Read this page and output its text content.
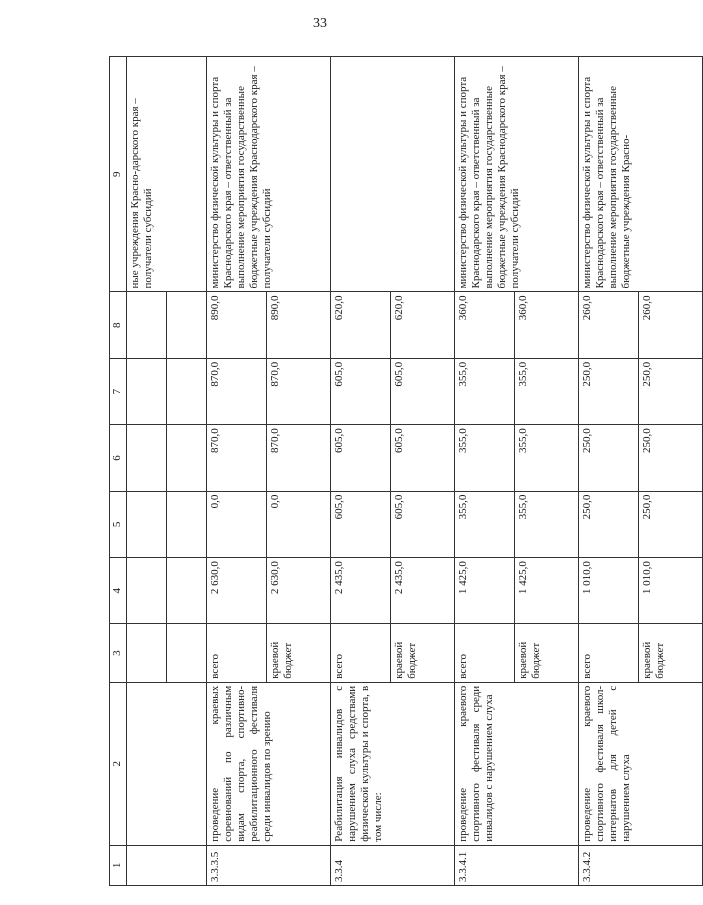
33
1	2	3	4	5	6	7	8	9
								ные учреждения Красно-дарского края – получатели субсидий

3.3.3.5	проведение краевых соревнований по различным видам спорта, спортивно-реабилитационного фестиваля среди инвалидов по зрению	всего	2 630,0	0,0	870,0	870,0	890,0	министерство физической культуры и спорта Краснодарского края – ответственный за выполнение мероприятия государственные бюджетные учреждения Краснодарского края – получатели субсидий
		краевой бюджет	2 630,0	0,0	870,0	870,0	890,0	
3.3.4	Реабилитация инвалидов с нарушением слуха средствами физической культуры и спорта, в том числе:	всего	2 435,0	605,0	605,0	605,0	620,0	
		краевой бюджет	2 435,0	605,0	605,0	605,0	620,0	
3.3.4.1	проведение краевого спортивного фестиваля среди инвалидов с нарушением слуха	всего	1 425,0	355,0	355,0	355,0	360,0	министерство физической культуры и спорта Краснодарского края – ответственный за выполнение мероприятия государственные бюджетные учреждения Краснодарского края – получатели субсидий
		краевой бюджет	1 425,0	355,0	355,0	355,0	360,0	
3.3.4.2	проведение краевого спортивного фестиваля школ-интернатов для детей с нарушением слуха	всего	1 010,0	250,0	250,0	250,0	260,0	министерство физической культуры и спорта Краснодарского края – ответственный за выполнение мероприятия государственные бюджетные учреждения Красно-
		краевой бюджет	1 010,0	250,0	250,0	250,0	260,0	
